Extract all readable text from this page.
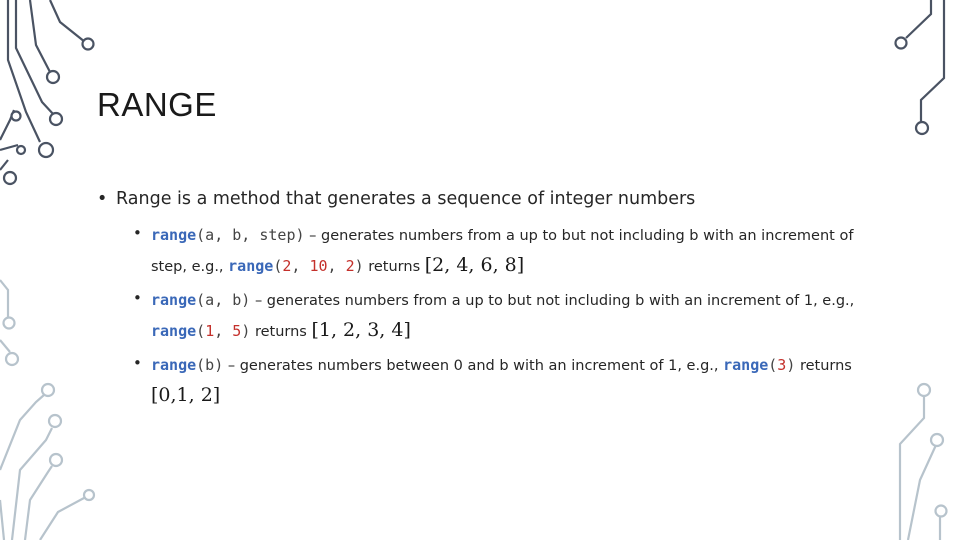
RANGE
• Range is a method that generates a sequence of integer numbers
• range(a, b, step) – generates numbers from a up to but not including b with an increment of step, e.g., range(2, 10, 2) returns [2, 4, 6, 8]
• range(a, b) – generates numbers from a up to but not including b with an increment of 1, e.g., range(1, 5) returns [1, 2, 3, 4]
• range(b) – generates numbers between 0 and b with an increment of 1, e.g., range(3) returns [0,1, 2]
